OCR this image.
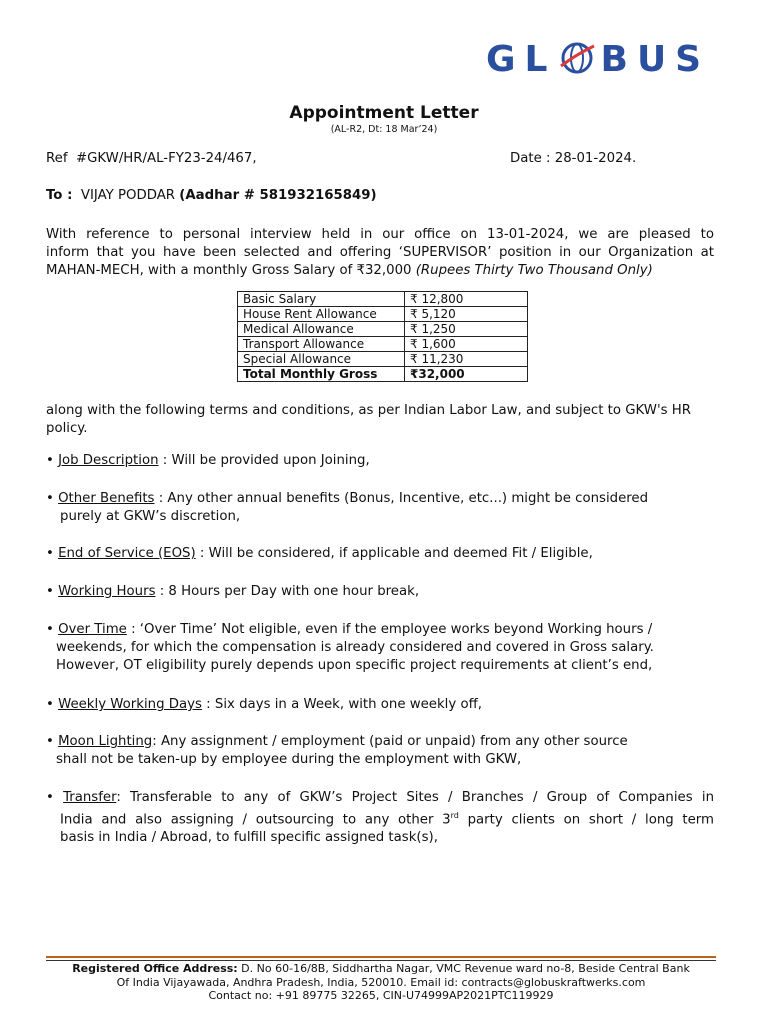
GL BUS
Appointment Letter
(AL-R2, Dt: 18 Mar’24)
Ref #GKW/HR/AL-FY23-24/467,	Date : 28-01-2024.
To : VIJAY PODDAR (Aadhar # 581932165849)
With reference to personal interview held in our office on 13-01-2024, we are pleased to
inform that you have been selected and offering ‘SUPERVISOR’ position in our Organization at
MAHAN-MECH, with a monthly Gross Salary of ₹32,000 (Rupees Thirty Two Thousand Only)
Basic Salary	₹ 12,800
House Rent Allowance	₹ 5,120
Medical Allowance	₹ 1,250
Transport Allowance	₹ 1,600
Special Allowance	₹ 11,230
Total Monthly Gross	₹32,000
along with the following terms and conditions, as per Indian Labor Law, and subject to GKW's HR policy.
• Job Description : Will be provided upon Joining,
• Other Benefits : Any other annual benefits (Bonus, Incentive, etc...) might be considered
purely at GKW’s discretion,
• End of Service (EOS) : Will be considered, if applicable and deemed Fit / Eligible,
• Working Hours : 8 Hours per Day with one hour break,
• Over Time : ‘Over Time’ Not eligible, even if the employee works beyond Working hours /
weekends, for which the compensation is already considered and covered in Gross salary.
However, OT eligibility purely depends upon specific project requirements at client’s end,
• Weekly Working Days : Six days in a Week, with one weekly off,
• Moon Lighting: Any assignment / employment (paid or unpaid) from any other source
shall not be taken-up by employee during the employment with GKW,
• Transfer: Transferable to any of GKW’s Project Sites / Branches / Group of Companies in
India and also assigning / outsourcing to any other 3rd party clients on short / long term
basis in India / Abroad, to fulfill specific assigned task(s),
Registered Office Address: D. No 60-16/8B, Siddhartha Nagar, VMC Revenue ward no-8, Beside Central Bank
Of India Vijayawada, Andhra Pradesh, India, 520010. Email id: contracts@globuskraftwerks.com
Contact no: +91 89775 32265, CIN-U74999AP2021PTC119929
